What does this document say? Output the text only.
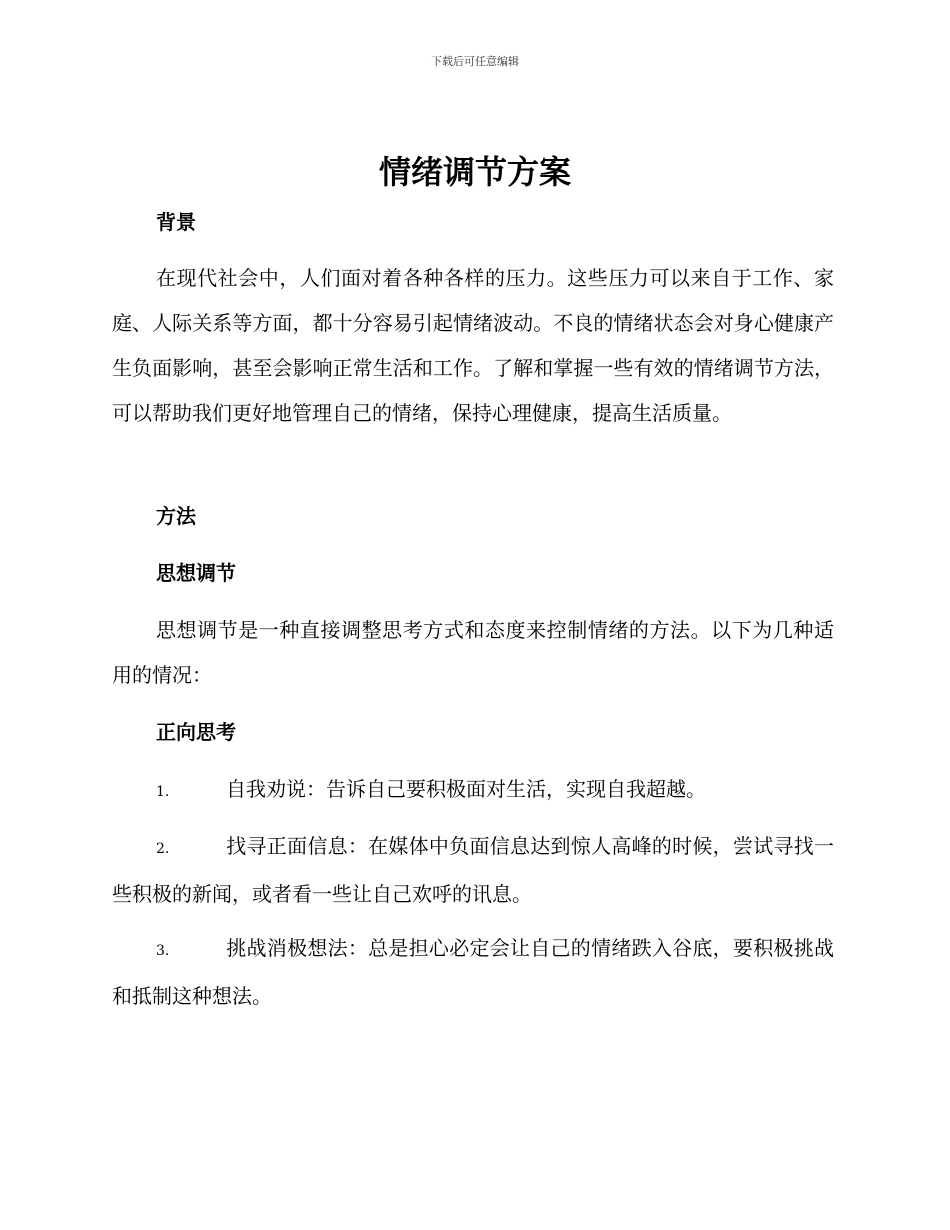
下载后可任意编辑
情绪调节方案
背景

在现代社会中，人们面对着各种各样的压力。这些压力可以来自于工作、家庭、人际关系等方面，都十分容易引起情绪波动。不良的情绪状态会对身心健康产生负面影响，甚至会影响正常生活和工作。了解和掌握一些有效的情绪调节方法，可以帮助我们更好地管理自己的情绪，保持心理健康，提高生活质量。

方法
思想调节

思想调节是一种直接调整思考方式和态度来控制情绪的方法。以下为几种适用的情况：

正向思考

1.	自我劝说：告诉自己要积极面对生活，实现自我超越。

2.	找寻正面信息：在媒体中负面信息达到惊人高峰的时候，尝试寻找一些积极的新闻，或者看一些让自己欢呼的讯息。

3.	挑战消极想法：总是担心必定会让自己的情绪跌入谷底，要积极挑战和抵制这种想法。
